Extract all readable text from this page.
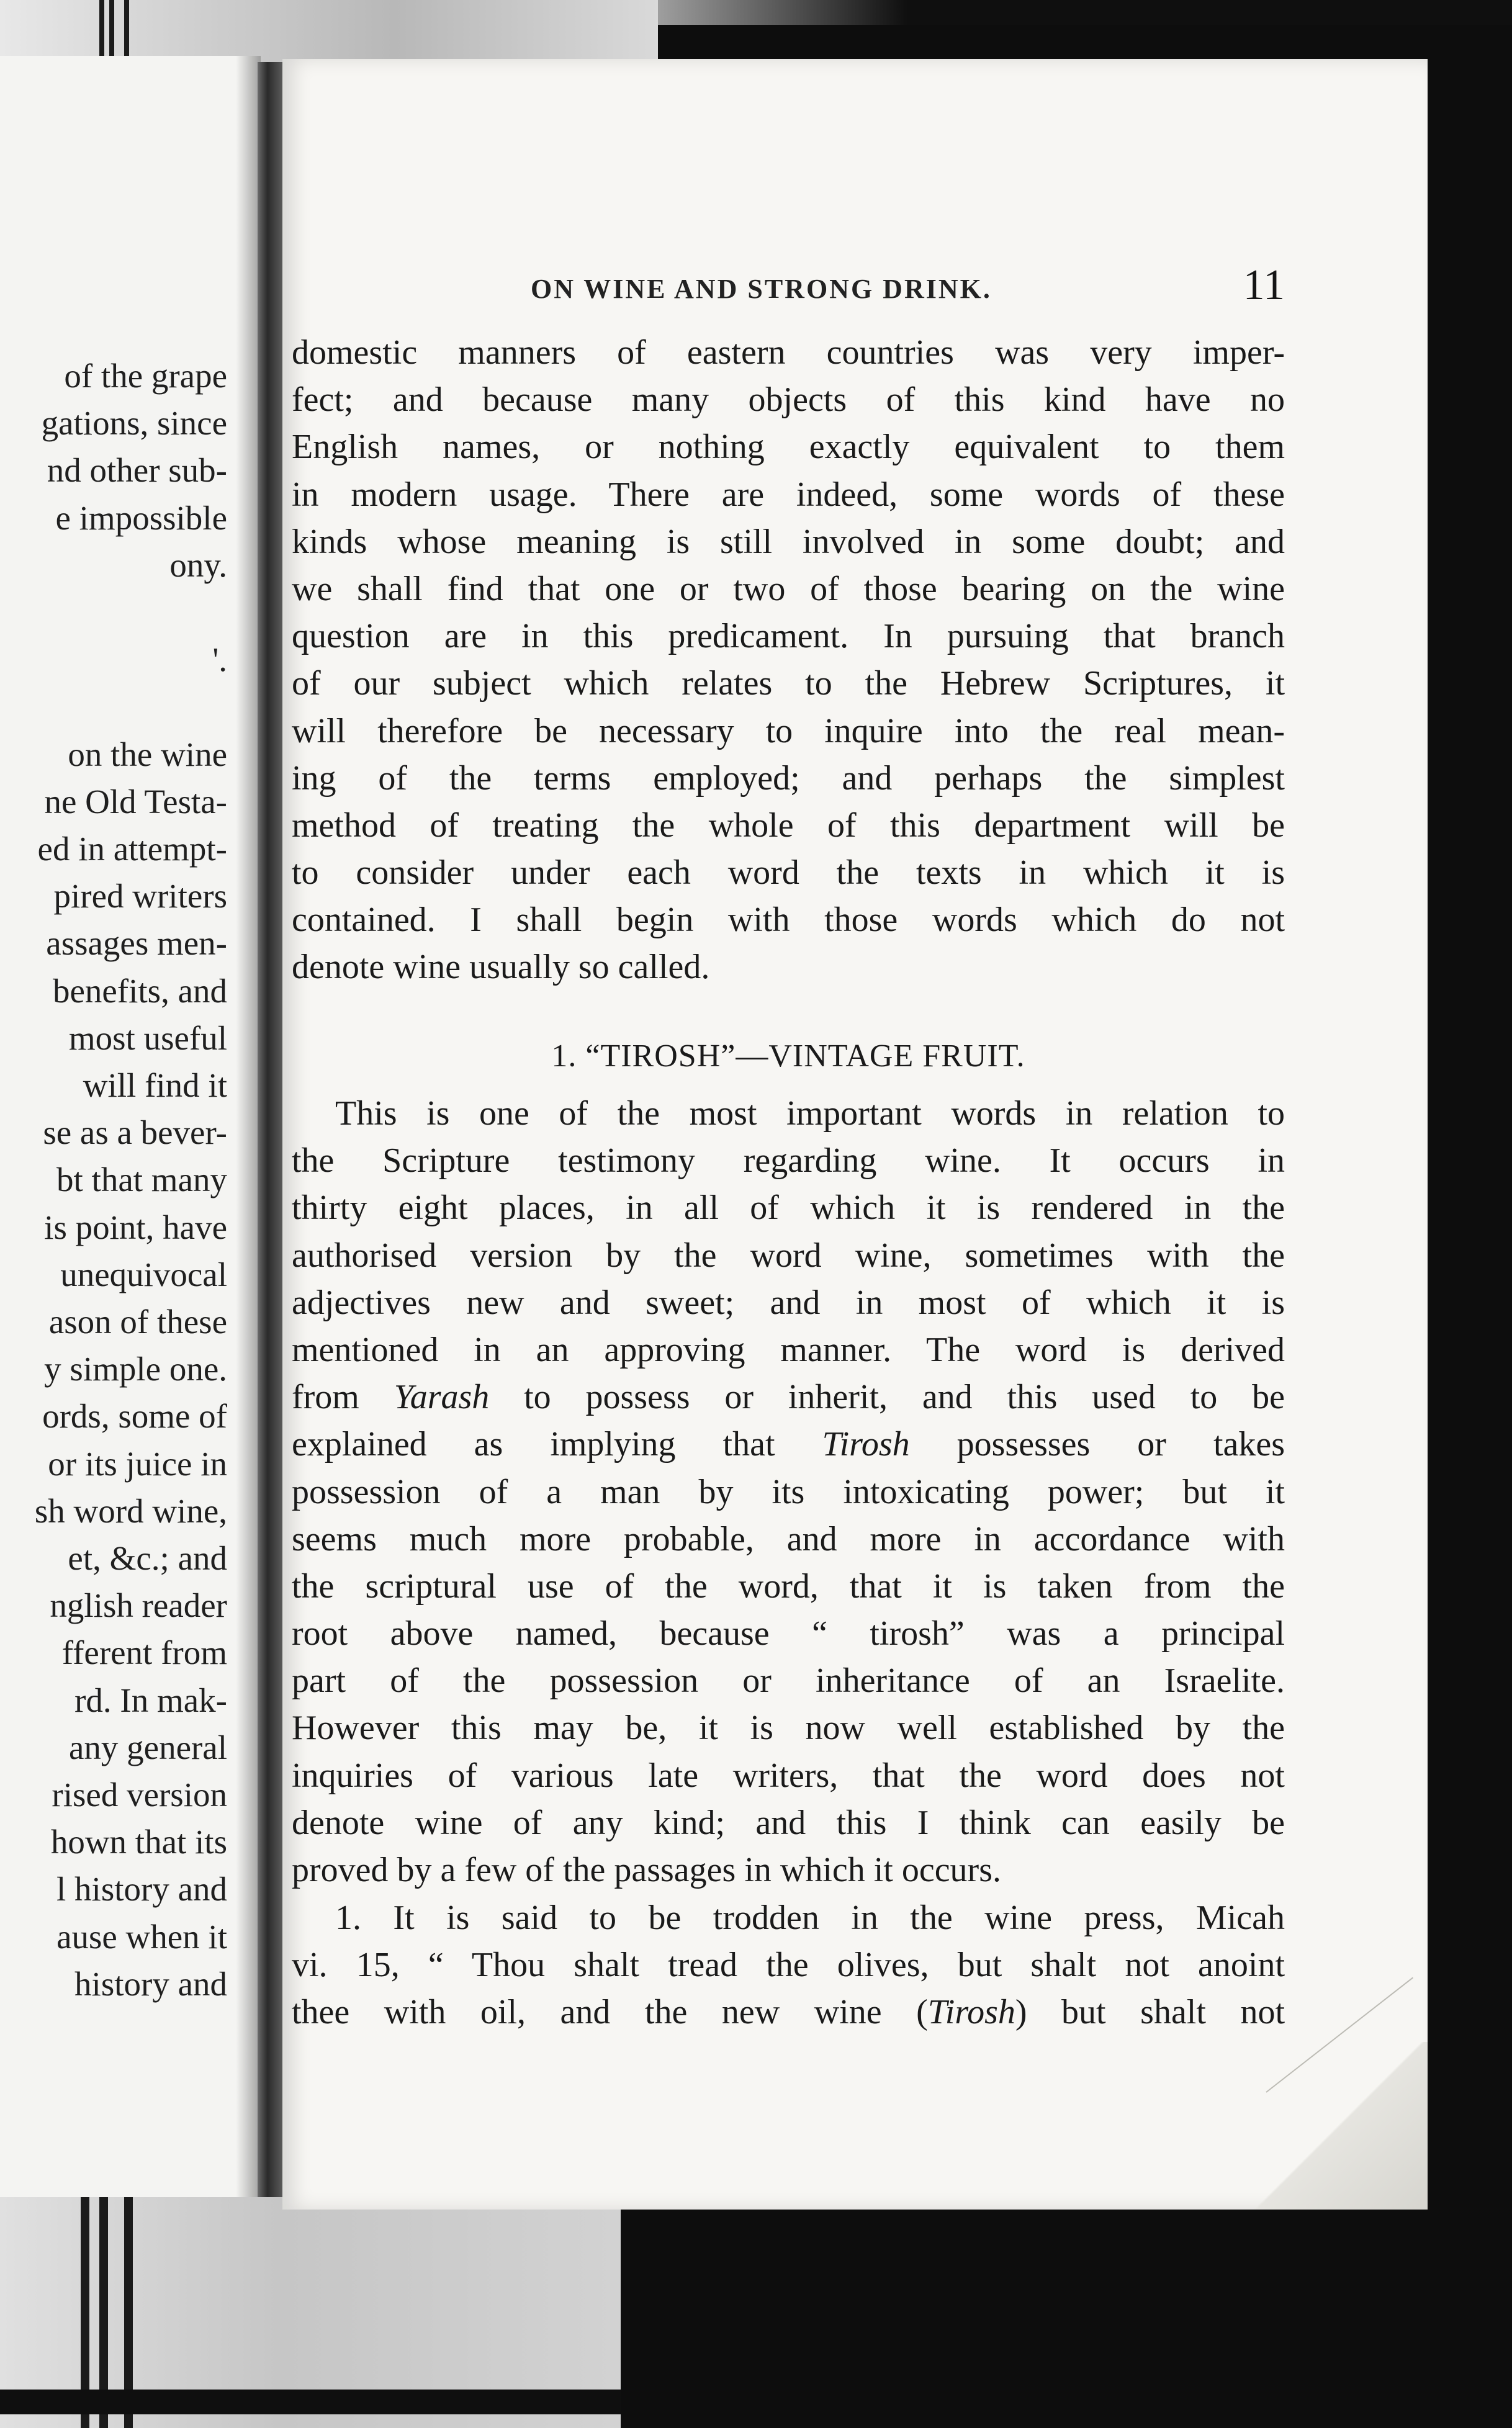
of the grape
gations, since
nd other sub-
e impossible
ony.
'.
on the wine
ne Old Testa-
ed in attempt-
pired writers
assages men-
benefits, and
most useful
will find it
se as a bever-
bt that many
is point, have
unequivocal
ason of these
y simple one.
ords, some of
or its juice in
sh word wine,
et, &c.; and
nglish reader
fferent from
rd. In mak-
any general
rised version
hown that its
l history and
ause when it
history and
ON WINE AND STRONG DRINK.	11
domestic manners of eastern countries was very imper-
fect; and because many objects of this kind have no
English names, or nothing exactly equivalent to them
in modern usage. There are indeed, some words of these
kinds whose meaning is still involved in some doubt; and
we shall find that one or two of those bearing on the wine
question are in this predicament. In pursuing that branch
of our subject which relates to the Hebrew Scriptures, it
will therefore be necessary to inquire into the real mean-
ing of the terms employed; and perhaps the simplest
method of treating the whole of this department will be
to consider under each word the texts in which it is
contained. I shall begin with those words which do not
denote wine usually so called.
1. “TIROSH”—VINTAGE FRUIT.
This is one of the most important words in relation to
the Scripture testimony regarding wine. It occurs in
thirty eight places, in all of which it is rendered in the
authorised version by the word wine, sometimes with the
adjectives new and sweet; and in most of which it is
mentioned in an approving manner. The word is derived
from Yarash to possess or inherit, and this used to be
explained as implying that Tirosh possesses or takes
possession of a man by its intoxicating power; but it
seems much more probable, and more in accordance with
the scriptural use of the word, that it is taken from the
root above named, because “ tirosh” was a principal
part of the possession or inheritance of an Israelite.
However this may be, it is now well established by the
inquiries of various late writers, that the word does not
denote wine of any kind; and this I think can easily be
proved by a few of the passages in which it occurs.
1. It is said to be trodden in the wine press, Micah
vi. 15, “ Thou shalt tread the olives, but shalt not anoint
thee with oil, and the new wine (Tirosh) but shalt not
